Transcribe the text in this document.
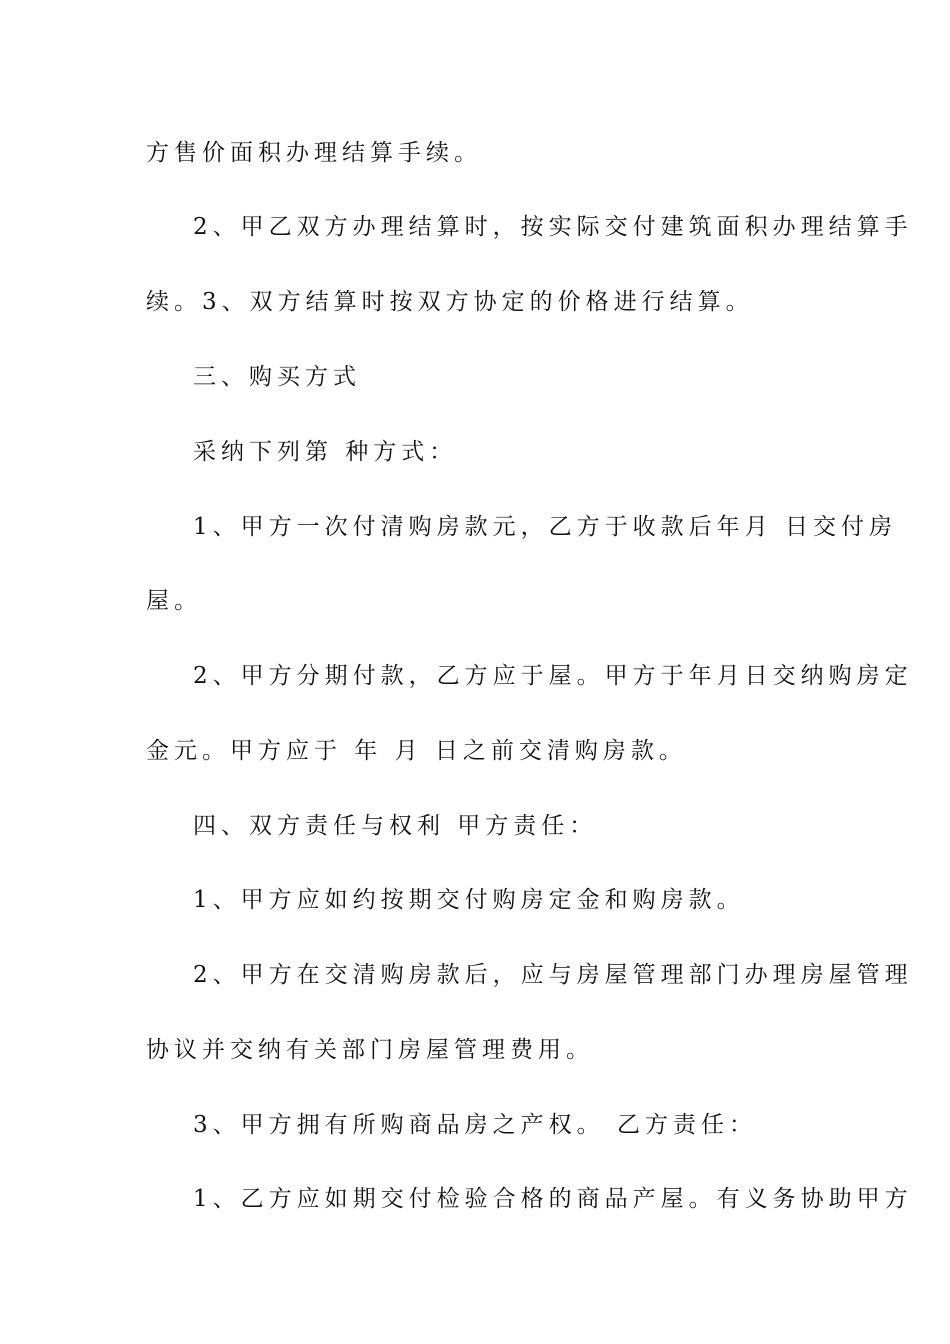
方售价面积办理结算手续。
2、甲乙双方办理结算时，按实际交付建筑面积办理结算手
续。3、双方结算时按双方协定的价格进行结算。
三、购买方式
采纳下列第 种方式：
1、甲方一次付清购房款元，乙方于收款后年月 日交付房
屋。
2、甲方分期付款，乙方应于屋。甲方于年月日交纳购房定
金元。甲方应于 年 月 日之前交清购房款。
四、双方责任与权利 甲方责任：
1、甲方应如约按期交付购房定金和购房款。
2、甲方在交清购房款后，应与房屋管理部门办理房屋管理
协议并交纳有关部门房屋管理费用。
3、甲方拥有所购商品房之产权。 乙方责任：
1、乙方应如期交付检验合格的商品产屋。有义务协助甲方
